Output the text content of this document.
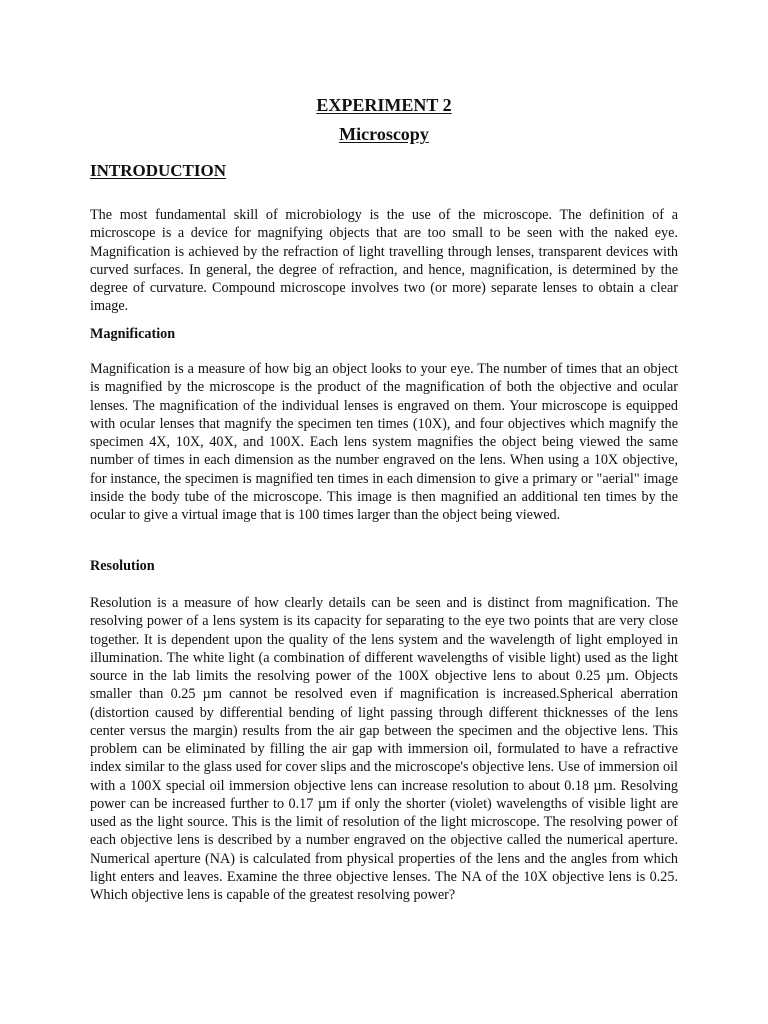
EXPERIMENT 2
Microscopy
INTRODUCTION

The most fundamental skill of microbiology is the use of the microscope. The definition of a microscope is a device for magnifying objects that are too small to be seen with the naked eye. Magnification is achieved by the refraction of light travelling through lenses, transparent devices with curved surfaces. In general, the degree of refraction, and hence, magnification, is determined by the degree of curvature. Compound microscope involves two (or more) separate lenses to obtain a clear image.

Magnification

Magnification is a measure of how big an object looks to your eye. The number of times that an object is magnified by the microscope is the product of the magnification of both the objective and ocular lenses. The magnification of the individual lenses is engraved on them. Your microscope is equipped with ocular lenses that magnify the specimen ten times (10X), and four objectives which magnify the specimen 4X, 10X, 40X, and 100X. Each lens system magnifies the object being viewed the same number of times in each dimension as the number engraved on the lens. When using a 10X objective, for instance, the specimen is magnified ten times in each dimension to give a primary or "aerial" image inside the body tube of the microscope. This image is then magnified an additional ten times by the ocular to give a virtual image that is 100 times larger than the object being viewed.

Resolution

Resolution is a measure of how clearly details can be seen and is distinct from magnification. The resolving power of a lens system is its capacity for separating to the eye two points that are very close together. It is dependent upon the quality of the lens system and the wavelength of light employed in illumination. The white light (a combination of different wavelengths of visible light) used as the light source in the lab limits the resolving power of the 100X objective lens to about 0.25 µm. Objects smaller than 0.25 µm cannot be resolved even if magnification is increased.Spherical aberration (distortion caused by differential bending of light passing through different thicknesses of the lens center versus the margin) results from the air gap between the specimen and the objective lens. This problem can be eliminated by filling the air gap with immersion oil, formulated to have a refractive index similar to the glass used for cover slips and the microscope's objective lens. Use of immersion oil with a 100X special oil immersion objective lens can increase resolution to about 0.18 µm. Resolving power can be increased further to 0.17 µm if only the shorter (violet) wavelengths of visible light are used as the light source. This is the limit of resolution of the light microscope. The resolving power of each objective lens is described by a number engraved on the objective called the numerical aperture. Numerical aperture (NA) is calculated from physical properties of the lens and the angles from which light enters and leaves. Examine the three objective lenses. The NA of the 10X objective lens is 0.25. Which objective lens is capable of the greatest resolving power?
